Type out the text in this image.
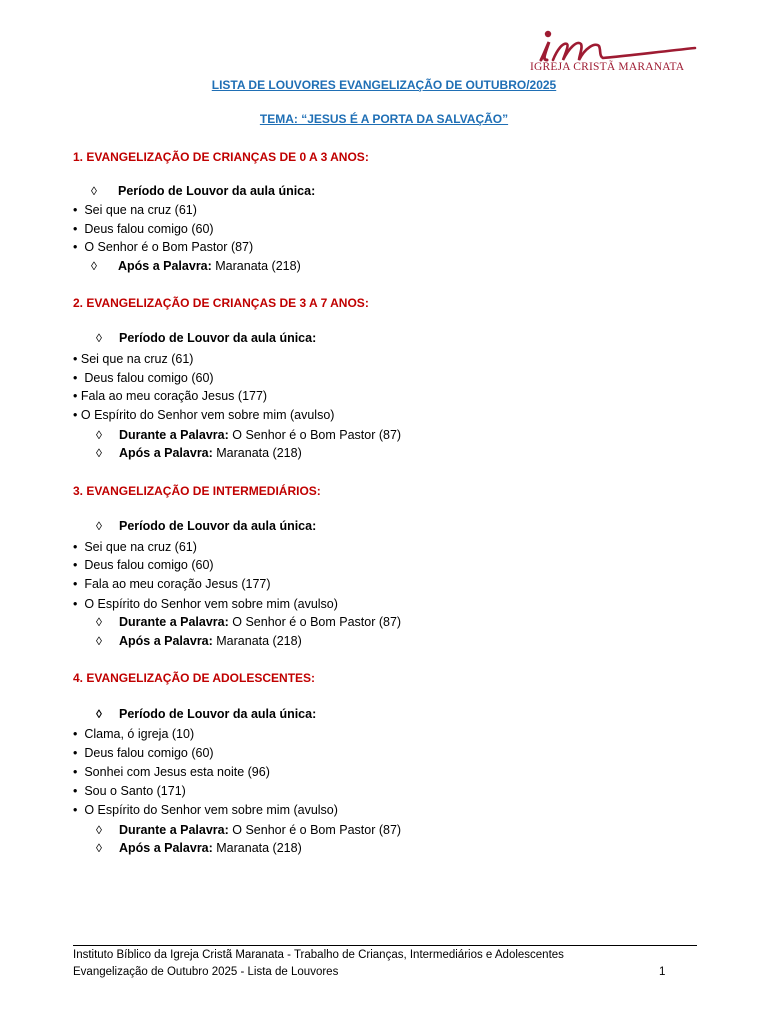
IGREJA CRISTÃ MARANATA
LISTA DE LOUVORES EVANGELIZAÇÃO DE OUTUBRO/2025
TEMA: “JESUS É A PORTA DA SALVAÇÃO”
1. EVANGELIZAÇÃO DE CRIANÇAS DE 0 A 3 ANOS:
◊ Período de Louvor da aula única:
• Sei que na cruz (61)
• Deus falou comigo (60)
• O Senhor é o Bom Pastor (87)
◊ Após a Palavra: Maranata (218)
2. EVANGELIZAÇÃO DE CRIANÇAS DE 3 A 7 ANOS:
◊ Período de Louvor da aula única:
• Sei que na cruz (61)
• Deus falou comigo (60)
• Fala ao meu coração Jesus (177)
• O Espírito do Senhor vem sobre mim (avulso)
◊ Durante a Palavra: O Senhor é o Bom Pastor (87)
◊ Após a Palavra: Maranata (218)
3. EVANGELIZAÇÃO DE INTERMEDIÁRIOS:
◊ Período de Louvor da aula única:
• Sei que na cruz (61)
• Deus falou comigo (60)
• Fala ao meu coração Jesus (177)
• O Espírito do Senhor vem sobre mim (avulso)
◊ Durante a Palavra: O Senhor é o Bom Pastor (87)
◊ Após a Palavra: Maranata (218)
4. EVANGELIZAÇÃO DE ADOLESCENTES:
◊ Período de Louvor da aula única:
• Clama, ó igreja (10)
• Deus falou comigo (60)
• Sonhei com Jesus esta noite (96)
• Sou o Santo (171)
• O Espírito do Senhor vem sobre mim (avulso)
◊ Durante a Palavra: O Senhor é o Bom Pastor (87)
◊ Após a Palavra: Maranata (218)
Instituto Bíblico da Igreja Cristã Maranata - Trabalho de Crianças, Intermediários e Adolescentes
Evangelização de Outubro 2025 - Lista de Louvores	1
